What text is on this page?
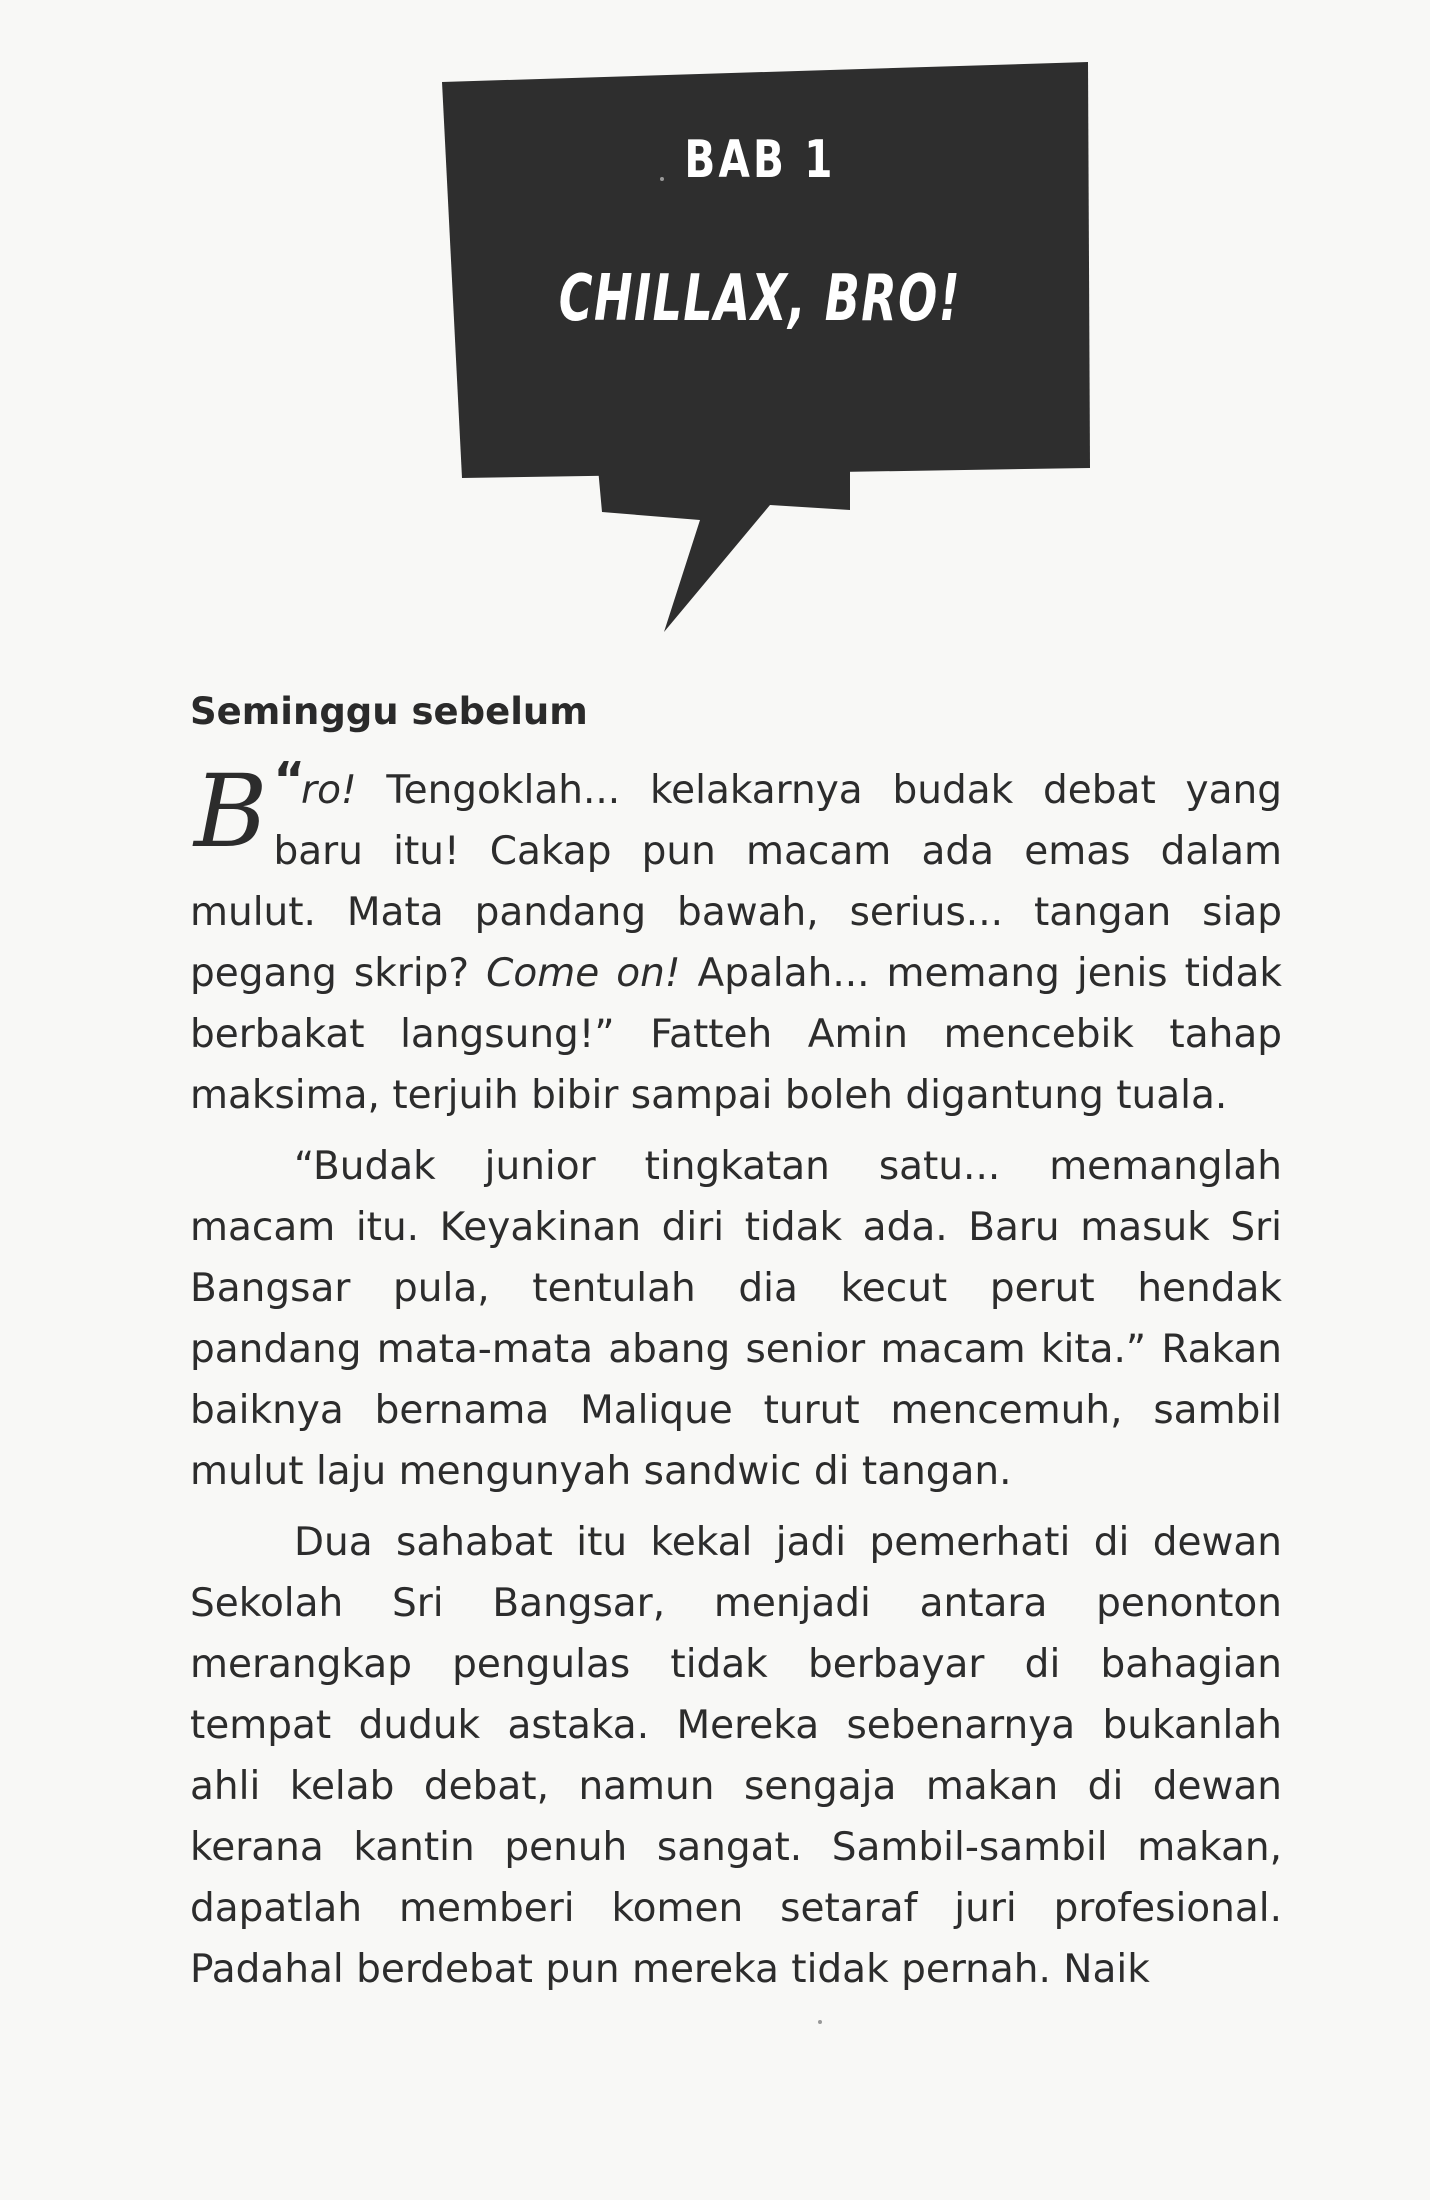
BAB 1
CHILLAX, BRO!
Seminggu sebelum

“
B ro! Tengoklah... kelakarnya budak debat yang baru itu! Cakap pun macam ada emas dalam mulut. Mata pandang bawah, serius... tangan siap pegang skrip? Come on! Apalah... memang jenis tidak berbakat langsung!” Fatteh Amin mencebik tahap maksima, terjuih bibir sampai boleh digantung tuala.

“Budak junior tingkatan satu... memanglah macam itu. Keyakinan diri tidak ada. Baru masuk Sri Bangsar pula, tentulah dia kecut perut hendak pandang mata-mata abang senior macam kita.” Rakan baiknya bernama Malique turut mencemuh, sambil mulut laju mengunyah sandwic di tangan.

Dua sahabat itu kekal jadi pemerhati di dewan Sekolah Sri Bangsar, menjadi antara penonton merangkap pengulas tidak berbayar di bahagian tempat duduk astaka. Mereka sebenarnya bukanlah ahli kelab debat, namun sengaja makan di dewan kerana kantin penuh sangat. Sambil-sambil makan, dapatlah memberi komen setaraf juri profesional. Padahal berdebat pun mereka tidak pernah. Naik
